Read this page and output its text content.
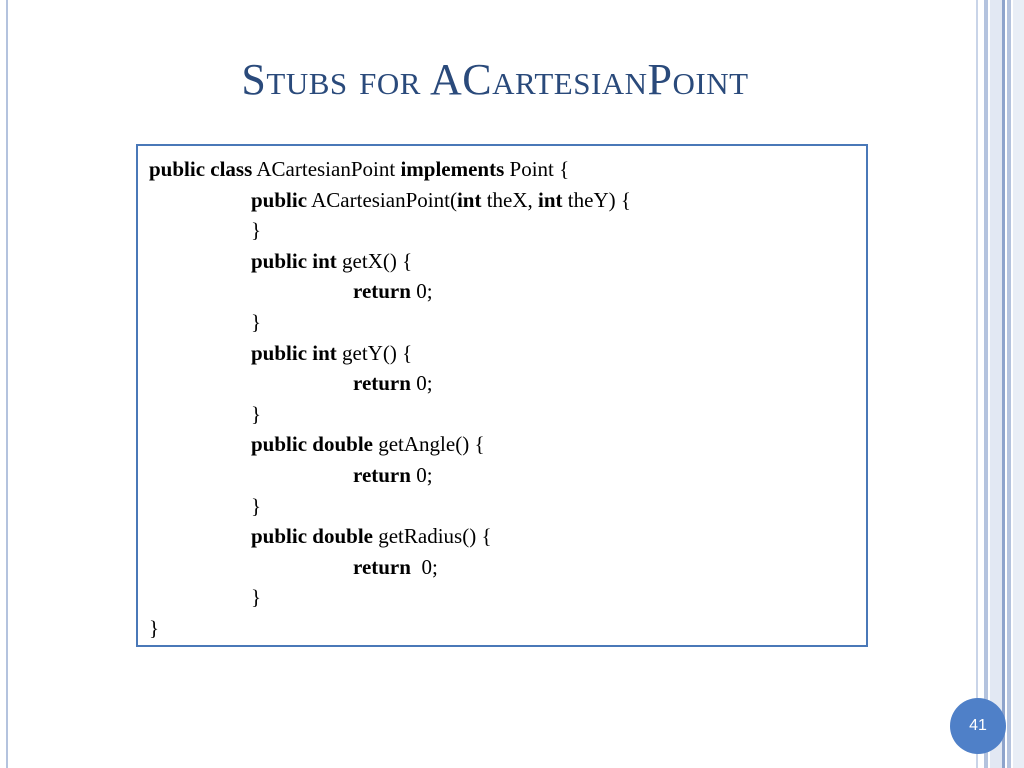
Stubs for ACartesianPoint
public class ACartesianPoint implements Point {
public ACartesianPoint(int theX, int theY) {
}
public int getX() {
return 0;
}
public int getY() {
return 0;
}
public double getAngle() {
return 0;
}
public double getRadius() {
return  0;
}
}
41
